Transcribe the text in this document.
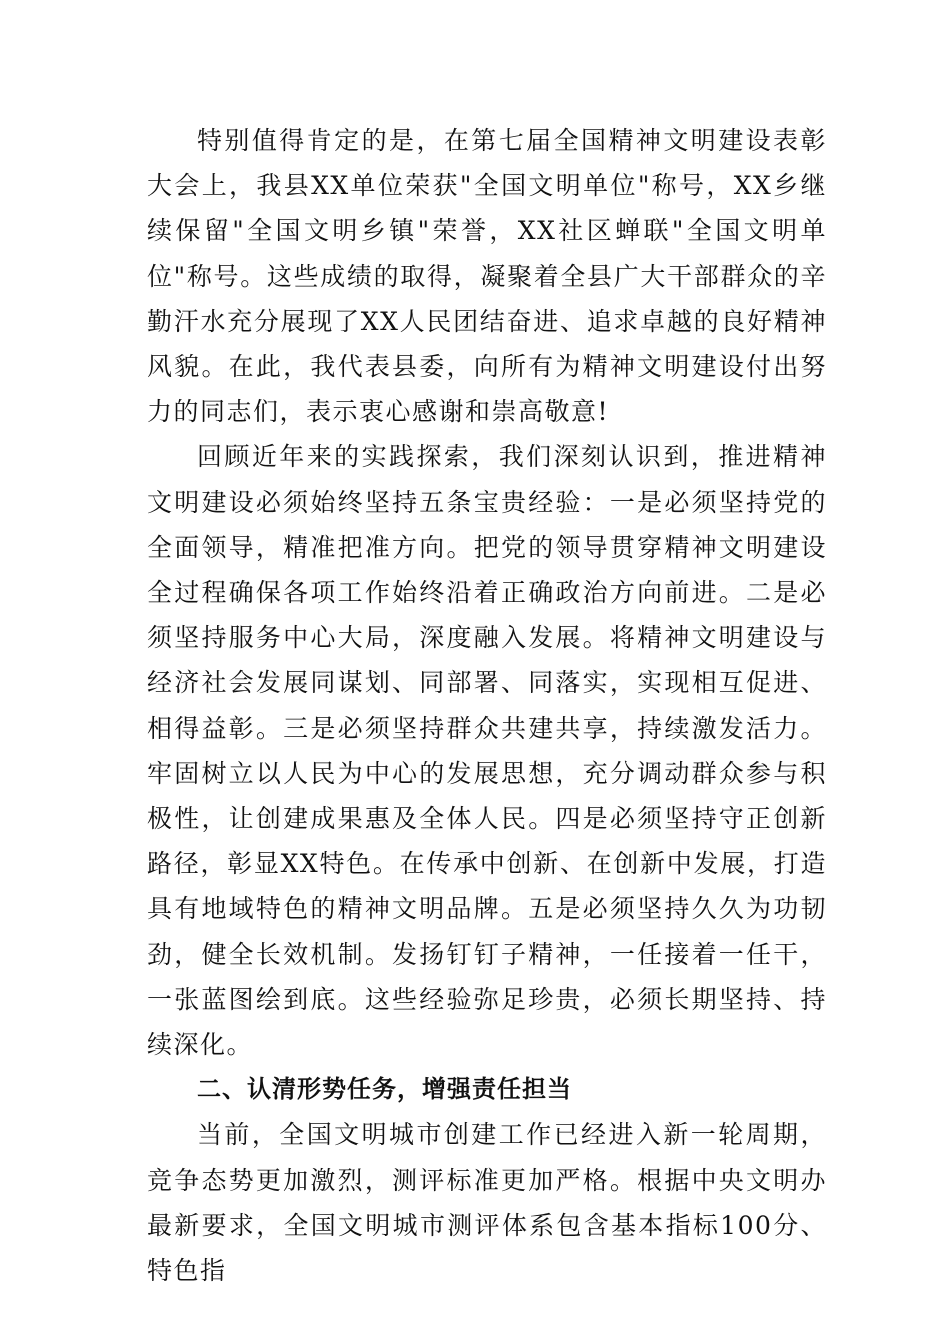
特别值得肯定的是，在第七届全国精神文明建设表彰大会上，我县XX单位荣获"全国文明单位"称号，XX乡继续保留"全国文明乡镇"荣誉，XX社区蝉联"全国文明单位"称号。这些成绩的取得，凝聚着全县广大干部群众的辛勤汗水充分展现了XX人民团结奋进、追求卓越的良好精神风貌。在此，我代表县委，向所有为精神文明建设付出努力的同志们，表示衷心感谢和崇高敬意!

回顾近年来的实践探索，我们深刻认识到，推进精神文明建设必须始终坚持五条宝贵经验：一是必须坚持党的全面领导，精准把准方向。把党的领导贯穿精神文明建设全过程确保各项工作始终沿着正确政治方向前进。二是必须坚持服务中心大局，深度融入发展。将精神文明建设与经济社会发展同谋划、同部署、同落实，实现相互促进、相得益彰。三是必须坚持群众共建共享，持续激发活力。牢固树立以人民为中心的发展思想，充分调动群众参与积极性，让创建成果惠及全体人民。四是必须坚持守正创新路径，彰显XX特色。在传承中创新、在创新中发展，打造具有地域特色的精神文明品牌。五是必须坚持久久为功韧劲，健全长效机制。发扬钉钉子精神，一任接着一任干，一张蓝图绘到底。这些经验弥足珍贵，必须长期坚持、持续深化。

二、认清形势任务，增强责任担当

当前，全国文明城市创建工作已经进入新一轮周期，竞争态势更加激烈，测评标准更加严格。根据中央文明办最新要求，全国文明城市测评体系包含基本指标100分、特色指
